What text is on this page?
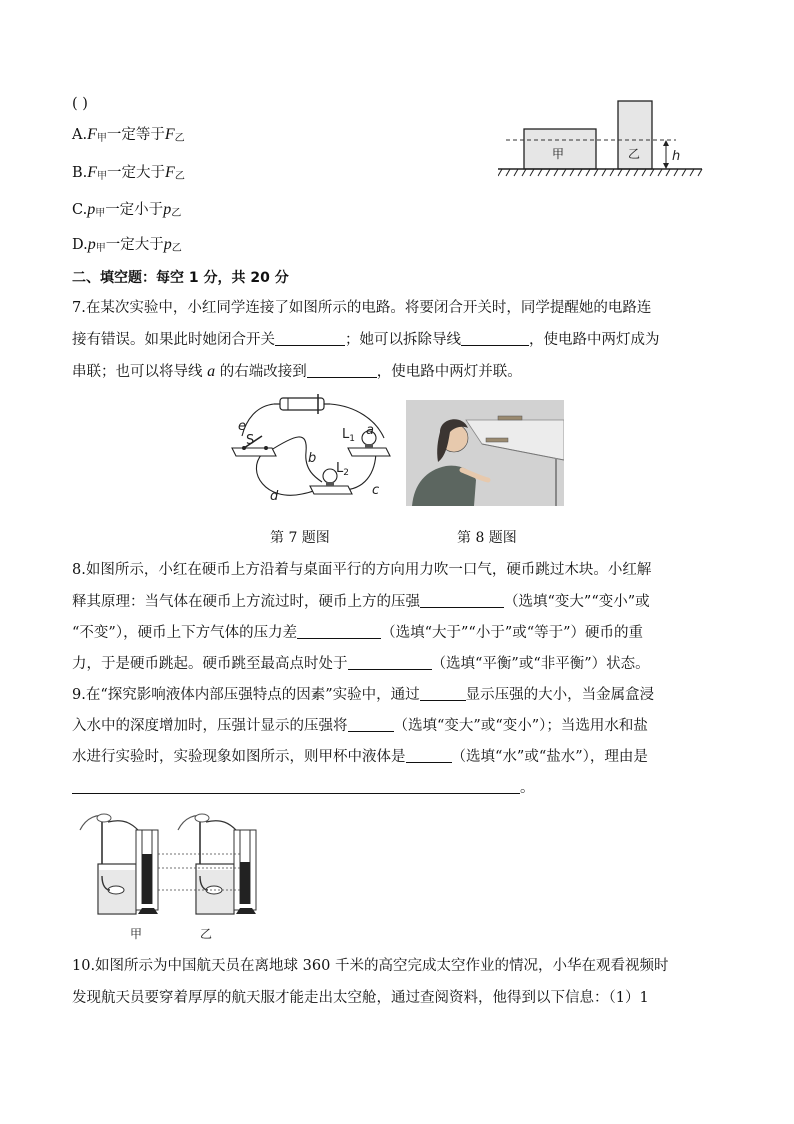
( )
$A.F_甲$一定等于$F_乙$
$B.F_甲$一定大于$F_乙$
$C.p_甲$一定小于$p_乙$
$D.p_甲$一定大于$p_乙$
甲	乙 h
二、填空题：每空 1 分，共 20 分
7.在某次实验中，小红同学连接了如图所示的电路。将要闭合开关时，同学提醒她的电路连
接有错误。如果此时她闭合开关	；她可以拆除导线	，使电路中两灯成为
串联；也可以将导线 a 的右端改接到	，使电路中两灯并联。
a
b
c
d
e
S	$L_1$
$L_2$
第 7 题图	第 8 题图
8.如图所示，小红在硬币上方沿着与桌面平行的方向用力吹一口气，硬币跳过木块。小红解
释其原理：当气体在硬币上方流过时，硬币上方的压强	（选填“变大”“变小”或
“不变”），硬币上下方气体的压力差	（选填“大于”“小于”或“等于”）硬币的重
力，于是硬币跳起。硬币跳至最高点时处于	（选填“平衡”或“非平衡”）状态。
9.在“探究影响液体内部压强特点的因素”实验中，通过	显示压强的大小，当金属盒浸
入水中的深度增加时，压强计显示的压强将	（选填“变大”或“变小”）；当选用水和盐
水进行实验时，实验现象如图所示，则甲杯中液体是	（选填“水”或“盐水”），理由是
。
甲	乙
10.如图所示为中国航天员在离地球 360 千米的高空完成太空作业的情况，小华在观看视频时
发现航天员要穿着厚厚的航天服才能走出太空舱，通过查阅资料，他得到以下信息：（1）1
